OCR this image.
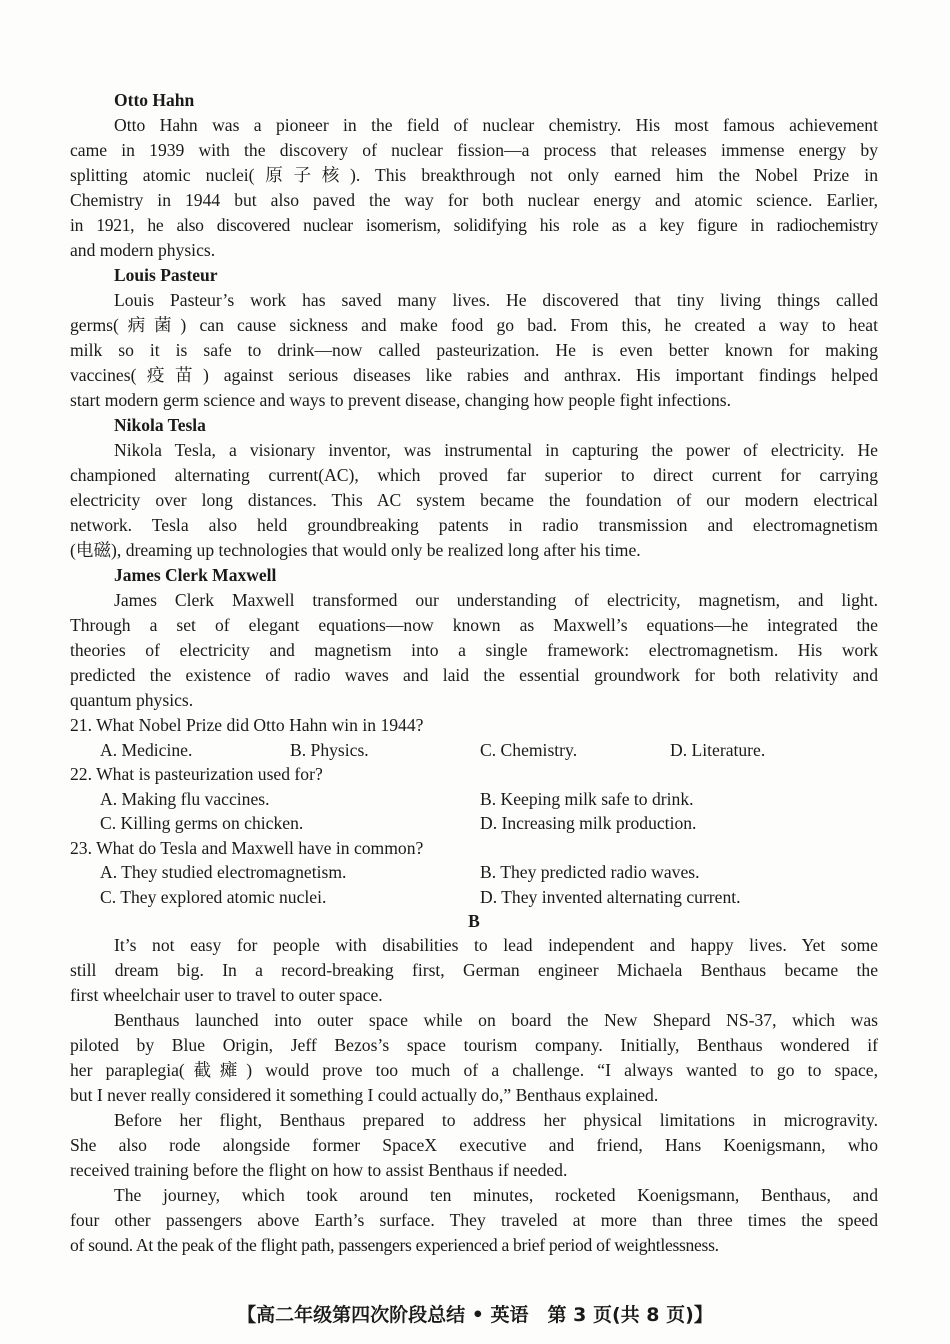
Otto Hahn
Otto Hahn was a pioneer in the field of nuclear chemistry. His most famous achievement
came in 1939 with the discovery of nuclear fission—a process that releases immense energy by
splitting atomic nuclei(原子核). This breakthrough not only earned him the Nobel Prize in
Chemistry in 1944 but also paved the way for both nuclear energy and atomic science. Earlier,
in 1921, he also discovered nuclear isomerism, solidifying his role as a key figure in radiochemistry
and modern physics.
Louis Pasteur
Louis Pasteur’s work has saved many lives. He discovered that tiny living things called
germs(病菌) can cause sickness and make food go bad. From this, he created a way to heat
milk so it is safe to drink—now called pasteurization. He is even better known for making
vaccines(疫苗) against serious diseases like rabies and anthrax. His important findings helped
start modern germ science and ways to prevent disease, changing how people fight infections.
Nikola Tesla
Nikola Tesla, a visionary inventor, was instrumental in capturing the power of electricity. He
championed alternating current(AC), which proved far superior to direct current for carrying
electricity over long distances. This AC system became the foundation of our modern electrical
network. Tesla also held groundbreaking patents in radio transmission and electromagnetism
(电磁), dreaming up technologies that would only be realized long after his time.
James Clerk Maxwell
James Clerk Maxwell transformed our understanding of electricity, magnetism, and light.
Through a set of elegant equations—now known as Maxwell’s equations—he integrated the
theories of electricity and magnetism into a single framework: electromagnetism. His work
predicted the existence of radio waves and laid the essential groundwork for both relativity and
quantum physics.
21. What Nobel Prize did Otto Hahn win in 1944?
A. Medicine.	B. Physics.	C. Chemistry.	D. Literature.
22. What is pasteurization used for?
A. Making flu vaccines.	B. Keeping milk safe to drink.
C. Killing germs on chicken.	D. Increasing milk production.
23. What do Tesla and Maxwell have in common?
A. They studied electromagnetism.	B. They predicted radio waves.
C. They explored atomic nuclei.	D. They invented alternating current.
B
It’s not easy for people with disabilities to lead independent and happy lives. Yet some
still dream big. In a record-breaking first, German engineer Michaela Benthaus became the
first wheelchair user to travel to outer space.
Benthaus launched into outer space while on board the New Shepard NS-37, which was
piloted by Blue Origin, Jeff Bezos’s space tourism company. Initially, Benthaus wondered if
her paraplegia(截瘫) would prove too much of a challenge. “I always wanted to go to space,
but I never really considered it something I could actually do,” Benthaus explained.
Before her flight, Benthaus prepared to address her physical limitations in microgravity.
She also rode alongside former SpaceX executive and friend, Hans Koenigsmann, who
received training before the flight on how to assist Benthaus if needed.
The journey, which took around ten minutes, rocketed Koenigsmann, Benthaus, and
four other passengers above Earth’s surface. They traveled at more than three times the speed
of sound. At the peak of the flight path, passengers experienced a brief period of weightlessness.
【高二年级第四次阶段总结 • 英语　第 3 页(共 8 页)】
